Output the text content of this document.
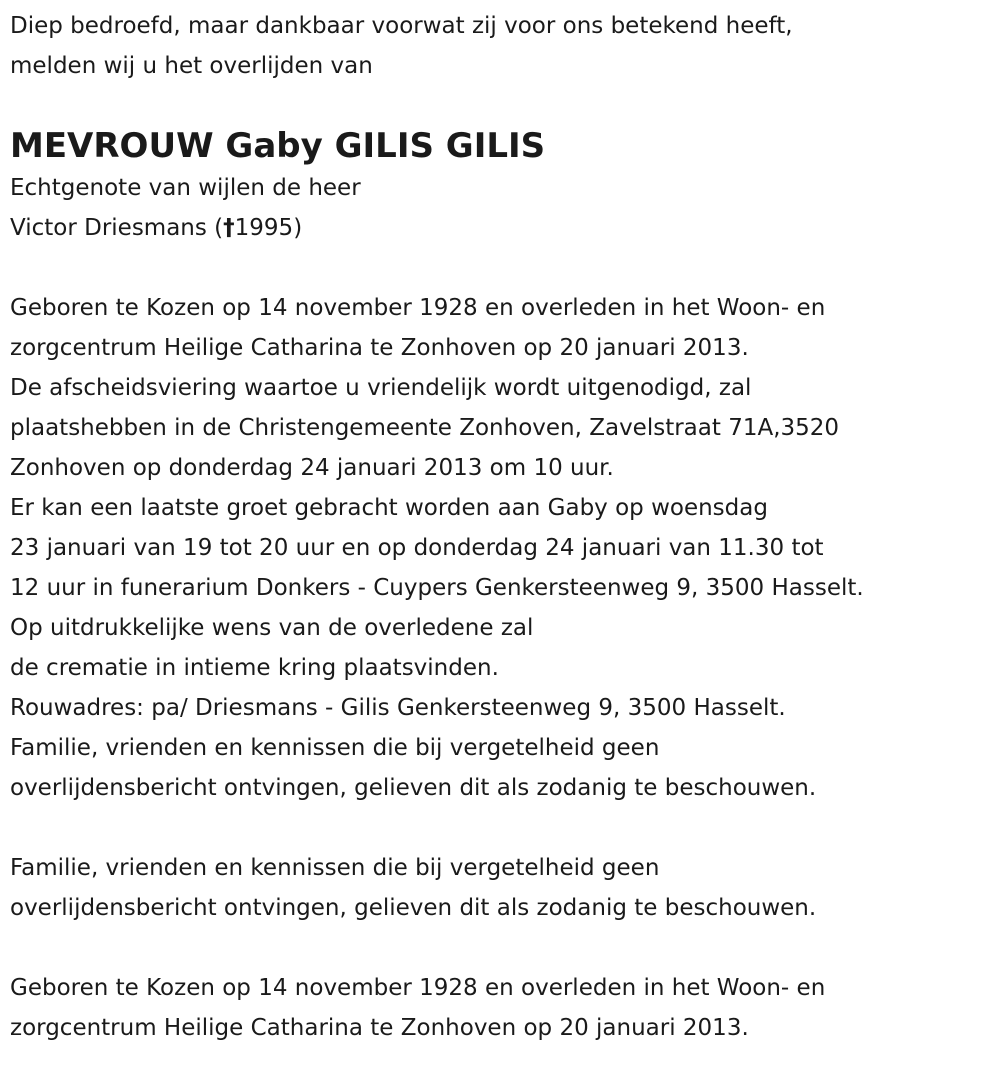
Diep bedroefd, maar dankbaar voorwat zij voor ons betekend heeft,
melden wij u het overlijden van
MEVROUW Gaby GILIS GILIS
Echtgenote van wijlen de heer
Victor Driesmans (†1995)
Geboren te Kozen op 14 november 1928 en overleden in het Woon- en
zorgcentrum Heilige Catharina te Zonhoven op 20 januari 2013.
De afscheidsviering waartoe u vriendelijk wordt uitgenodigd, zal
plaatshebben in de Christengemeente Zonhoven, Zavelstraat 71A,3520
Zonhoven op donderdag 24 januari 2013 om 10 uur.
Er kan een laatste groet gebracht worden aan Gaby op woensdag
23 januari van 19 tot 20 uur en op donderdag 24 januari van 11.30 tot
12 uur in funerarium Donkers - Cuypers Genkersteenweg 9, 3500 Hasselt.
Op uitdrukkelijke wens van de overledene zal
de crematie in intieme kring plaatsvinden.
Rouwadres: pa/ Driesmans - Gilis Genkersteenweg 9, 3500 Hasselt.
Familie, vrienden en kennissen die bij vergetelheid geen
overlijdensbericht ontvingen, gelieven dit als zodanig te beschouwen.
Familie, vrienden en kennissen die bij vergetelheid geen
overlijdensbericht ontvingen, gelieven dit als zodanig te beschouwen.
Geboren te Kozen op 14 november 1928 en overleden in het Woon- en
zorgcentrum Heilige Catharina te Zonhoven op 20 januari 2013.
